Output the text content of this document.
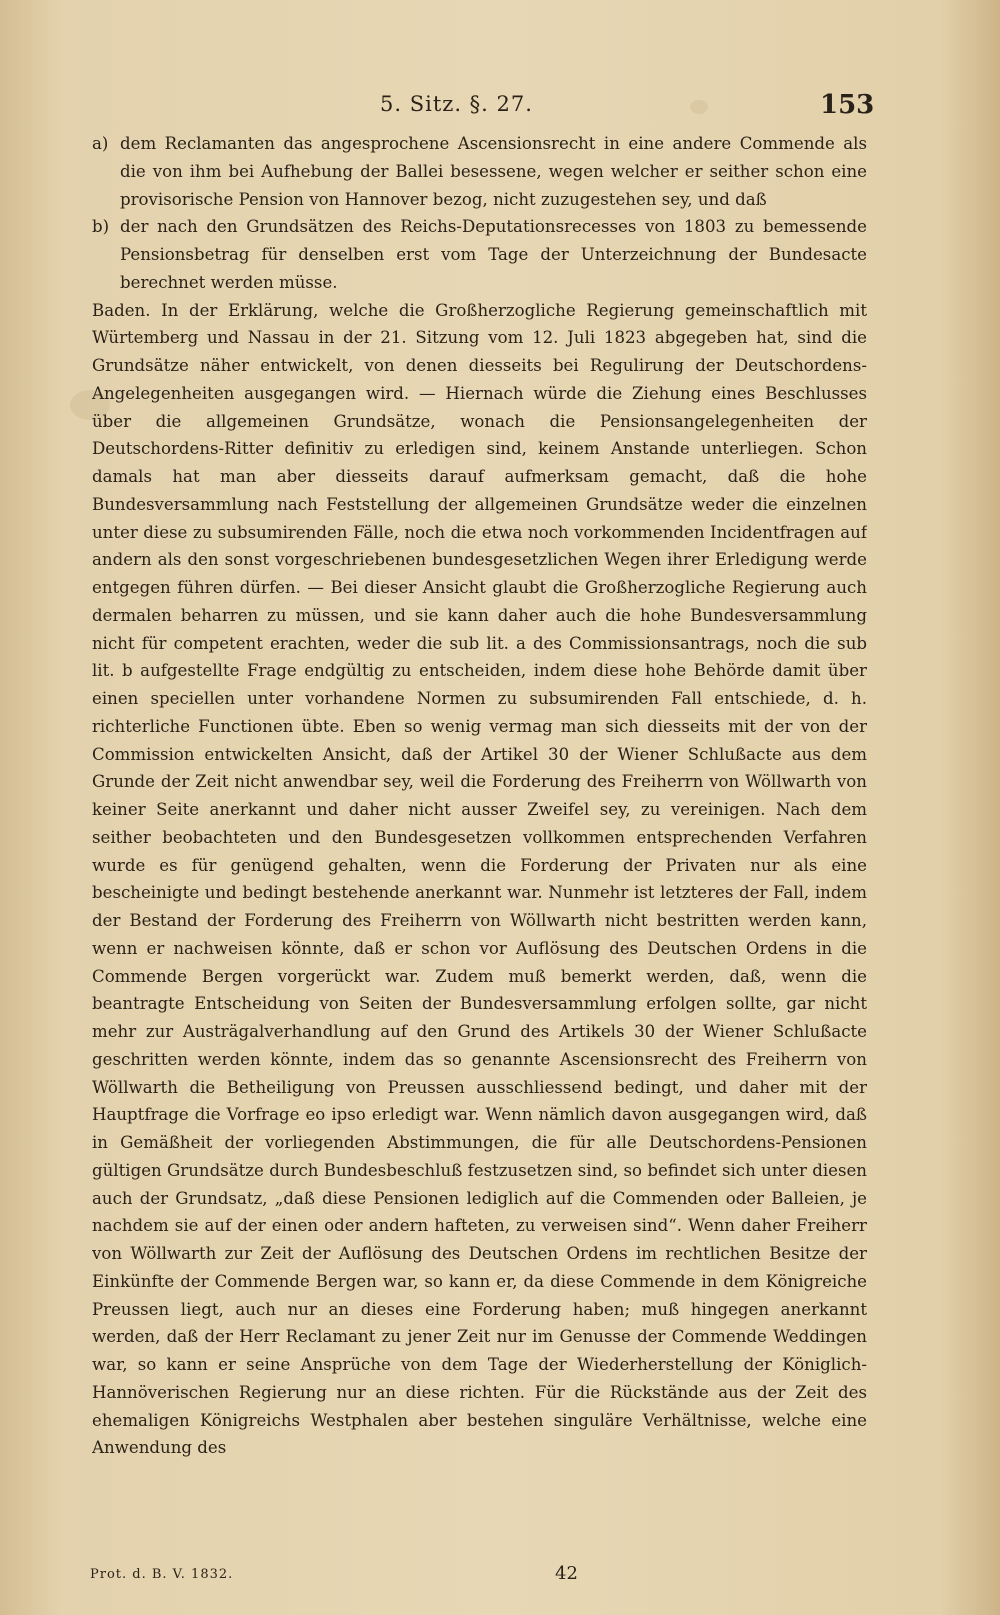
5. Sitz. §. 27.	153

a) dem Reclamanten das angesprochene Ascensionsrecht in eine andere Commende als die von ihm bei Aufhebung der Ballei besessene, wegen welcher er seither schon eine provisorische Pension von Hannover bezog, nicht zuzugestehen sey, und daß

b) der nach den Grundsätzen des Reichs-Deputationsrecesses von 1803 zu bemessende Pensionsbetrag für denselben erst vom Tage der Unterzeichnung der Bundesacte berechnet werden müsse.

Baden. In der Erklärung, welche die Großherzogliche Regierung gemeinschaftlich mit Würtemberg und Nassau in der 21. Sitzung vom 12. Juli 1823 abgegeben hat, sind die Grundsätze näher entwickelt, von denen diesseits bei Regulirung der Deutschordens-Angelegenheiten ausgegangen wird. — Hiernach würde die Ziehung eines Beschlusses über die allgemeinen Grundsätze, wonach die Pensionsangelegenheiten der Deutschordens-Ritter definitiv zu erledigen sind, keinem Anstande unterliegen. Schon damals hat man aber diesseits darauf aufmerksam gemacht, daß die hohe Bundesversammlung nach Feststellung der allgemeinen Grundsätze weder die einzelnen unter diese zu subsumirenden Fälle, noch die etwa noch vorkommenden Incidentfragen auf andern als den sonst vorgeschriebenen bundesgesetzlichen Wegen ihrer Erledigung werde entgegen führen dürfen. — Bei dieser Ansicht glaubt die Großherzogliche Regierung auch dermalen beharren zu müssen, und sie kann daher auch die hohe Bundesversammlung nicht für competent erachten, weder die sub lit. a des Commissionsantrags, noch die sub lit. b aufgestellte Frage endgültig zu entscheiden, indem diese hohe Behörde damit über einen speciellen unter vorhandene Normen zu subsumirenden Fall entschiede, d. h. richterliche Functionen übte. Eben so wenig vermag man sich diesseits mit der von der Commission entwickelten Ansicht, daß der Artikel 30 der Wiener Schlußacte aus dem Grunde der Zeit nicht anwendbar sey, weil die Forderung des Freiherrn von Wöllwarth von keiner Seite anerkannt und daher nicht ausser Zweifel sey, zu vereinigen. Nach dem seither beobachteten und den Bundesgesetzen vollkommen entsprechenden Verfahren wurde es für genügend gehalten, wenn die Forderung der Privaten nur als eine bescheinigte und bedingt bestehende anerkannt war. Nunmehr ist letzteres der Fall, indem der Bestand der Forderung des Freiherrn von Wöllwarth nicht bestritten werden kann, wenn er nachweisen könnte, daß er schon vor Auflösung des Deutschen Ordens in die Commende Bergen vorgerückt war. Zudem muß bemerkt werden, daß, wenn die beantragte Entscheidung von Seiten der Bundesversammlung erfolgen sollte, gar nicht mehr zur Austrägalverhandlung auf den Grund des Artikels 30 der Wiener Schlußacte geschritten werden könnte, indem das so genannte Ascensionsrecht des Freiherrn von Wöllwarth die Betheiligung von Preussen ausschliessend bedingt, und daher mit der Hauptfrage die Vorfrage eo ipso erledigt war. Wenn nämlich davon ausgegangen wird, daß in Gemäßheit der vorliegenden Abstimmungen, die für alle Deutschordens-Pensionen gültigen Grundsätze durch Bundesbeschluß festzusetzen sind, so befindet sich unter diesen auch der Grundsatz, „daß diese Pensionen lediglich auf die Commenden oder Balleien, je nachdem sie auf der einen oder andern hafteten, zu verweisen sind“. Wenn daher Freiherr von Wöllwarth zur Zeit der Auflösung des Deutschen Ordens im rechtlichen Besitze der Einkünfte der Commende Bergen war, so kann er, da diese Commende in dem Königreiche Preussen liegt, auch nur an dieses eine Forderung haben; muß hingegen anerkannt werden, daß der Herr Reclamant zu jener Zeit nur im Genusse der Commende Weddingen war, so kann er seine Ansprüche von dem Tage der Wiederherstellung der Königlich-Hannöverischen Regierung nur an diese richten. Für die Rückstände aus der Zeit des ehemaligen Königreichs Westphalen aber bestehen singuläre Verhältnisse, welche eine Anwendung des

Prot. d. B. V. 1832.	42
